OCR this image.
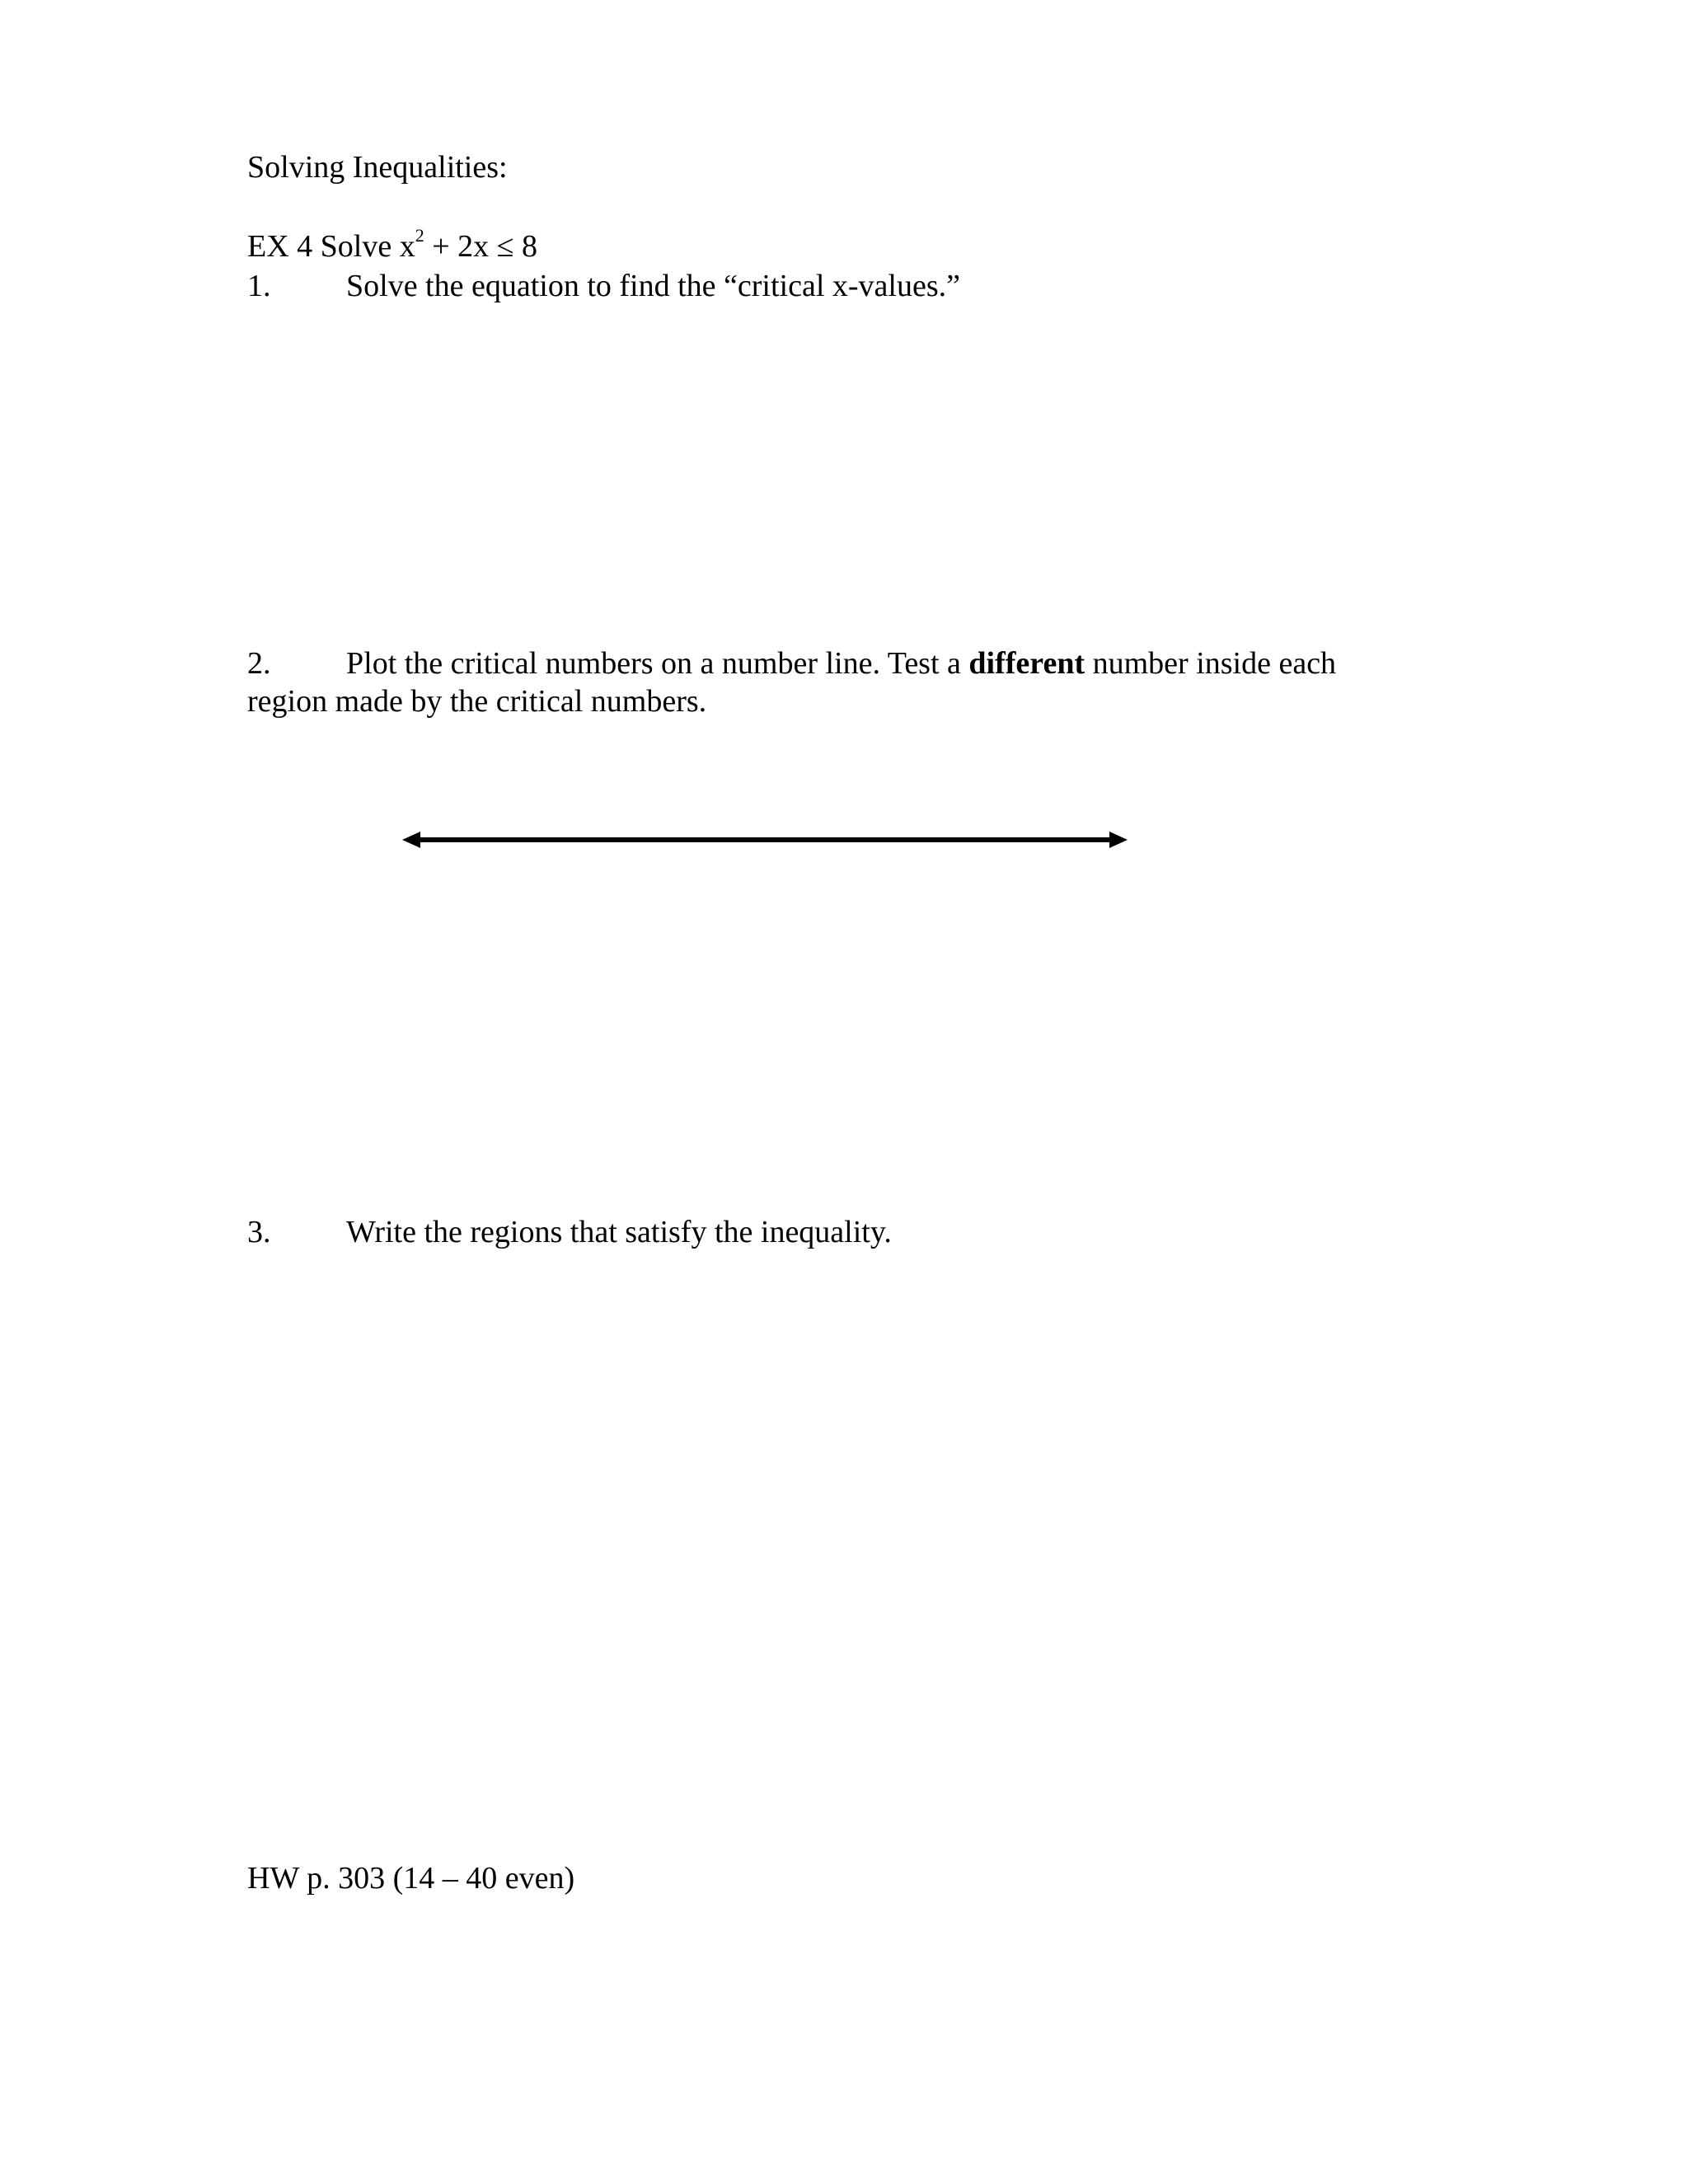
Solving Inequalities:
EX 4 Solve $x^2 + 2x \le 8$
1. Solve the equation to find the “critical x-values.”
2. Plot the critical numbers on a number line. Test a different number inside each region made by the critical numbers.
3. Write the regions that satisfy the inequality.
HW p. 303 (14 – 40 even)
